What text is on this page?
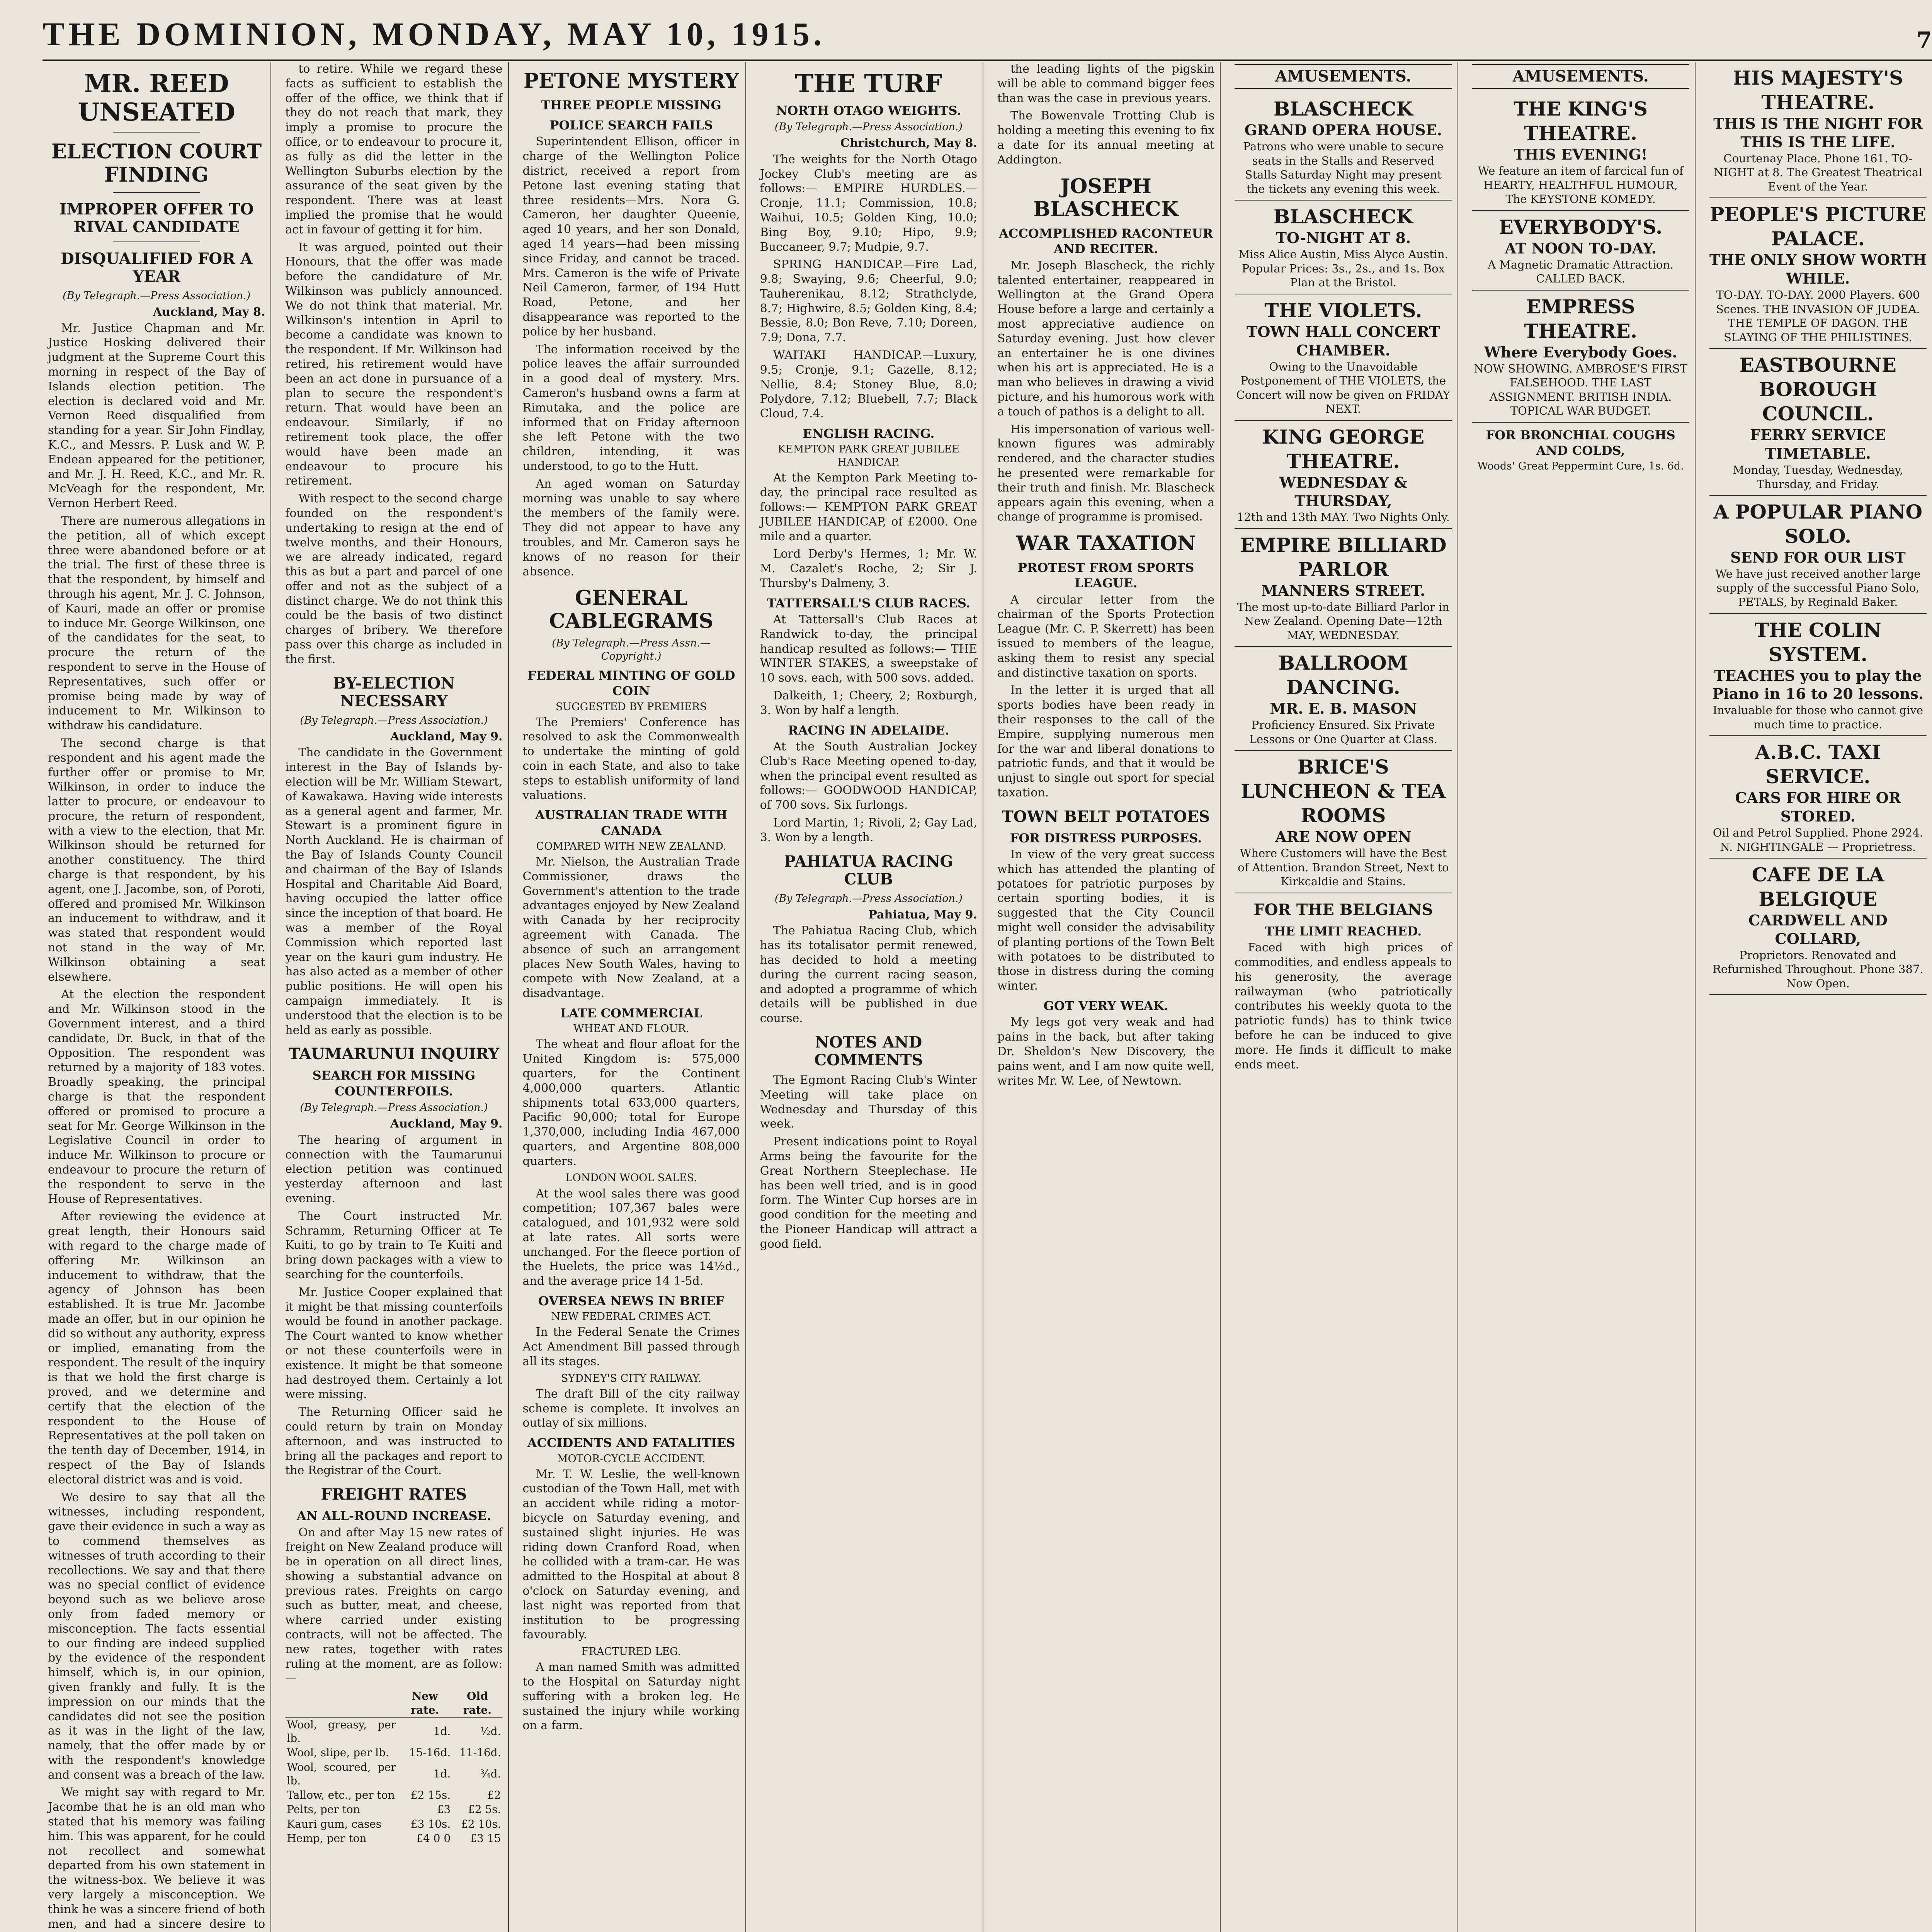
THE DOMINION, MONDAY, MAY 10, 1915.	7
MR. REED UNSEATED
ELECTION COURT FINDING
IMPROPER OFFER TO RIVAL CANDIDATE
DISQUALIFIED FOR A YEAR
(By Telegraph.—Press Association.)
Auckland, May 8.

Mr. Justice Chapman and Mr. Justice Hosking delivered their judgment at the Supreme Court this morning in respect of the Bay of Islands election petition. The election is declared void and Mr. Vernon Reed disqualified from standing for a year. Sir John Findlay, K.C., and Messrs. P. Lusk and W. P. Endean appeared for the petitioner, and Mr. J. H. Reed, K.C., and Mr. R. McVeagh for the respondent, Mr. Vernon Herbert Reed.

There are numerous allegations in the petition, all of which except three were abandoned before or at the trial. The first of these three is that the respondent, by himself and through his agent, Mr. J. C. Johnson, of Kauri, made an offer or promise to induce Mr. George Wilkinson, one of the candidates for the seat, to procure the return of the respondent to serve in the House of Representatives, such offer or promise being made by way of inducement to Mr. Wilkinson to withdraw his candidature.

The second charge is that respondent and his agent made the further offer or promise to Mr. Wilkinson, in order to induce the latter to procure, or endeavour to procure, the return of respondent, with a view to the election, that Mr. Wilkinson should be returned for another constituency. The third charge is that respondent, by his agent, one J. Jacombe, son, of Poroti, offered and promised Mr. Wilkinson an inducement to withdraw, and it was stated that respondent would not stand in the way of Mr. Wilkinson obtaining a seat elsewhere.

At the election the respondent and Mr. Wilkinson stood in the Government interest, and a third candidate, Dr. Buck, in that of the Opposition. The respondent was returned by a majority of 183 votes. Broadly speaking, the principal charge is that the respondent offered or promised to procure a seat for Mr. George Wilkinson in the Legislative Council in order to induce Mr. Wilkinson to procure or endeavour to procure the return of the respondent to serve in the House of Representatives.

After reviewing the evidence at great length, their Honours said with regard to the charge made of offering Mr. Wilkinson an inducement to withdraw, that the agency of Johnson has been established. It is true Mr. Jacombe made an offer, but in our opinion he did so without any authority, express or implied, emanating from the respondent. The result of the inquiry is that we hold the first charge is proved, and we determine and certify that the election of the respondent to the House of Representatives at the poll taken on the tenth day of December, 1914, in respect of the Bay of Islands electoral district was and is void.

We desire to say that all the witnesses, including respondent, gave their evidence in such a way as to commend themselves as witnesses of truth according to their recollections. We say and that there was no special conflict of evidence beyond such as we believe arose only from faded memory or misconception. The facts essential to our finding are indeed supplied by the evidence of the respondent himself, which is, in our opinion, given frankly and fully. It is the impression on our minds that the candidates did not see the position as it was in the light of the law, namely, that the offer made by or with the respondent's knowledge and consent was a breach of the law.

We might say with regard to Mr. Jacombe that he is an old man who stated that his memory was failing him. This was apparent, for he could not recollect and somewhat departed from his own statement in the witness-box. We believe it was very largely a misconception. We think he was a sincere friend of both men, and had a sincere desire to

to retire. While we regard these facts as sufficient to establish the offer of the office, we think that if they do not reach that mark, they imply a promise to procure the office, or to endeavour to procure it, as fully as did the letter in the Wellington Suburbs election by the assurance of the seat given by the respondent. There was at least implied the promise that he would act in favour of getting it for him.

It was argued, pointed out their Honours, that the offer was made before the candidature of Mr. Wilkinson was publicly announced. We do not think that material. Mr. Wilkinson's intention in April to become a candidate was known to the respondent. If Mr. Wilkinson had retired, his retirement would have been an act done in pursuance of a plan to secure the respondent's return. That would have been an endeavour. Similarly, if no retirement took place, the offer would have been made an endeavour to procure his retirement.

With respect to the second charge founded on the respondent's undertaking to resign at the end of twelve months, and their Honours, we are already indicated, regard this as but a part and parcel of one offer and not as the subject of a distinct charge. We do not think this could be the basis of two distinct charges of bribery. We therefore pass over this charge as included in the first.

BY-ELECTION NECESSARY
(By Telegraph.—Press Association.)
Auckland, May 9.

The candidate in the Government interest in the Bay of Islands by-election will be Mr. William Stewart, of Kawakawa. Having wide interests as a general agent and farmer, Mr. Stewart is a prominent figure in North Auckland. He is chairman of the Bay of Islands County Council and chairman of the Bay of Islands Hospital and Charitable Aid Board, having occupied the latter office since the inception of that board. He was a member of the Royal Commission which reported last year on the kauri gum industry. He has also acted as a member of other public positions. He will open his campaign immediately. It is understood that the election is to be held as early as possible.

TAUMARUNUI INQUIRY
SEARCH FOR MISSING COUNTERFOILS.
(By Telegraph.—Press Association.)
Auckland, May 9.

The hearing of argument in connection with the Taumarunui election petition was continued yesterday afternoon and last evening.

The Court instructed Mr. Schramm, Returning Officer at Te Kuiti, to go by train to Te Kuiti and bring down packages with a view to searching for the counterfoils.

Mr. Justice Cooper explained that it might be that missing counterfoils would be found in another package. The Court wanted to know whether or not these counterfoils were in existence. It might be that someone had destroyed them. Certainly a lot were missing.

The Returning Officer said he could return by train on Monday afternoon, and was instructed to bring all the packages and report to the Registrar of the Court.

FREIGHT RATES
AN ALL-ROUND INCREASE.

On and after May 15 new rates of freight on New Zealand produce will be in operation on all direct lines, showing a substantial advance on previous rates. Freights on cargo such as butter, meat, and cheese, where carried under existing contracts, will not be affected. The new rates, together with rates ruling at the moment, are as follow:—

	New rate.	Old rate.
Wool, greasy, per lb.	1d.	½d.
Wool, slipe, per lb.	15-16d.	11-16d.
Wool, scoured, per lb.	1d.	¾d.
Tallow, etc., per ton	£2 15s.	£2
Pelts, per ton	£3	£2 5s.
Kauri gum, cases	£3 10s.	£2 10s.
Hemp, per ton	£4 0 0	£3 15
PETONE MYSTERY
THREE PEOPLE MISSING
POLICE SEARCH FAILS

Superintendent Ellison, officer in charge of the Wellington Police district, received a report from Petone last evening stating that three residents—Mrs. Nora G. Cameron, her daughter Queenie, aged 10 years, and her son Donald, aged 14 years—had been missing since Friday, and cannot be traced. Mrs. Cameron is the wife of Private Neil Cameron, farmer, of 194 Hutt Road, Petone, and her disappearance was reported to the police by her husband.

The information received by the police leaves the affair surrounded in a good deal of mystery. Mrs. Cameron's husband owns a farm at Rimutaka, and the police are informed that on Friday afternoon she left Petone with the two children, intending, it was understood, to go to the Hutt.

An aged woman on Saturday morning was unable to say where the members of the family were. They did not appear to have any troubles, and Mr. Cameron says he knows of no reason for their absence.

GENERAL CABLEGRAMS
(By Telegraph.—Press Assn.—Copyright.)
FEDERAL MINTING OF GOLD COIN
SUGGESTED BY PREMIERS

The Premiers' Conference has resolved to ask the Commonwealth to undertake the minting of gold coin in each State, and also to take steps to establish uniformity of land valuations.

AUSTRALIAN TRADE WITH CANADA
COMPARED WITH NEW ZEALAND.

Mr. Nielson, the Australian Trade Commissioner, draws the Government's attention to the trade advantages enjoyed by New Zealand with Canada by her reciprocity agreement with Canada. The absence of such an arrangement places New South Wales, having to compete with New Zealand, at a disadvantage.

LATE COMMERCIAL
WHEAT AND FLOUR.

The wheat and flour afloat for the United Kingdom is: 575,000 quarters, for the Continent 4,000,000 quarters. Atlantic shipments total 633,000 quarters, Pacific 90,000; total for Europe 1,370,000, including India 467,000 quarters, and Argentine 808,000 quarters.

LONDON WOOL SALES.

At the wool sales there was good competition; 107,367 bales were catalogued, and 101,932 were sold at late rates. All sorts were unchanged. For the fleece portion of the Huelets, the price was 14½d., and the average price 14 1-5d.

OVERSEA NEWS IN BRIEF
NEW FEDERAL CRIMES ACT.

In the Federal Senate the Crimes Act Amendment Bill passed through all its stages.

SYDNEY'S CITY RAILWAY.

The draft Bill of the city railway scheme is complete. It involves an outlay of six millions.

ACCIDENTS AND FATALITIES
MOTOR-CYCLE ACCIDENT.

Mr. T. W. Leslie, the well-known custodian of the Town Hall, met with an accident while riding a motor-bicycle on Saturday evening, and sustained slight injuries. He was riding down Cranford Road, when he collided with a tram-car. He was admitted to the Hospital at about 8 o'clock on Saturday evening, and last night was reported from that institution to be progressing favourably.

FRACTURED LEG.

A man named Smith was admitted to the Hospital on Saturday night suffering with a broken leg. He sustained the injury while working on a farm.

THE TURF
NORTH OTAGO WEIGHTS.
(By Telegraph.—Press Association.)
Christchurch, May 8.

The weights for the North Otago Jockey Club's meeting are as follows:— EMPIRE HURDLES.—Cronje, 11.1; Commission, 10.8; Waihui, 10.5; Golden King, 10.0; Bing Boy, 9.10; Hipo, 9.9; Buccaneer, 9.7; Mudpie, 9.7.

SPRING HANDICAP.—Fire Lad, 9.8; Swaying, 9.6; Cheerful, 9.0; Tauherenikau, 8.12; Strathclyde, 8.7; Highwire, 8.5; Golden King, 8.4; Bessie, 8.0; Bon Reve, 7.10; Doreen, 7.9; Dona, 7.7.

WAITAKI HANDICAP.—Luxury, 9.5; Cronje, 9.1; Gazelle, 8.12; Nellie, 8.4; Stoney Blue, 8.0; Polydore, 7.12; Bluebell, 7.7; Black Cloud, 7.4.

ENGLISH RACING.
KEMPTON PARK GREAT JUBILEE HANDICAP.

At the Kempton Park Meeting to-day, the principal race resulted as follows:— KEMPTON PARK GREAT JUBILEE HANDICAP, of £2000. One mile and a quarter.

Lord Derby's Hermes, 1; Mr. W. M. Cazalet's Roche, 2; Sir J. Thursby's Dalmeny, 3.

TATTERSALL'S CLUB RACES.

At Tattersall's Club Races at Randwick to-day, the principal handicap resulted as follows:— THE WINTER STAKES, a sweepstake of 10 sovs. each, with 500 sovs. added.

Dalkeith, 1; Cheery, 2; Roxburgh, 3. Won by half a length.

RACING IN ADELAIDE.

At the South Australian Jockey Club's Race Meeting opened to-day, when the principal event resulted as follows:— GOODWOOD HANDICAP, of 700 sovs. Six furlongs.

Lord Martin, 1; Rivoli, 2; Gay Lad, 3. Won by a length.

PAHIATUA RACING CLUB
(By Telegraph.—Press Association.)
Pahiatua, May 9.

The Pahiatua Racing Club, which has its totalisator permit renewed, has decided to hold a meeting during the current racing season, and adopted a programme of which details will be published in due course.

NOTES AND COMMENTS

The Egmont Racing Club's Winter Meeting will take place on Wednesday and Thursday of this week.

Present indications point to Royal Arms being the favourite for the Great Northern Steeplechase. He has been well tried, and is in good form. The Winter Cup horses are in good condition for the meeting and the Pioneer Handicap will attract a good field.

the leading lights of the pigskin will be able to command bigger fees than was the case in previous years.

The Bowenvale Trotting Club is holding a meeting this evening to fix a date for its annual meeting at Addington.

JOSEPH BLASCHECK
ACCOMPLISHED RACONTEUR AND RECITER.

Mr. Joseph Blascheck, the richly talented entertainer, reappeared in Wellington at the Grand Opera House before a large and certainly a most appreciative audience on Saturday evening. Just how clever an entertainer he is one divines when his art is appreciated. He is a man who believes in drawing a vivid picture, and his humorous work with a touch of pathos is a delight to all.

His impersonation of various well-known figures was admirably rendered, and the character studies he presented were remarkable for their truth and finish. Mr. Blascheck appears again this evening, when a change of programme is promised.

WAR TAXATION
PROTEST FROM SPORTS LEAGUE.

A circular letter from the chairman of the Sports Protection League (Mr. C. P. Skerrett) has been issued to members of the league, asking them to resist any special and distinctive taxation on sports.

In the letter it is urged that all sports bodies have been ready in their responses to the call of the Empire, supplying numerous men for the war and liberal donations to patriotic funds, and that it would be unjust to single out sport for special taxation.

TOWN BELT POTATOES
FOR DISTRESS PURPOSES.

In view of the very great success which has attended the planting of potatoes for patriotic purposes by certain sporting bodies, it is suggested that the City Council might well consider the advisability of planting portions of the Town Belt with potatoes to be distributed to those in distress during the coming winter.

GOT VERY WEAK.

My legs got very weak and had pains in the back, but after taking Dr. Sheldon's New Discovery, the pains went, and I am now quite well, writes Mr. W. Lee, of Newtown.

AMUSEMENTS.
BLASCHECK
GRAND OPERA HOUSE.
Patrons who were unable to secure seats in the Stalls and Reserved Stalls Saturday Night may present the tickets any evening this week.
BLASCHECK
TO-NIGHT AT 8.
Miss Alice Austin, Miss Alyce Austin. Popular Prices: 3s., 2s., and 1s. Box Plan at the Bristol.
THE VIOLETS.
TOWN HALL CONCERT CHAMBER.
Owing to the Unavoidable Postponement of THE VIOLETS, the Concert will now be given on FRIDAY NEXT.
KING GEORGE THEATRE.
WEDNESDAY & THURSDAY,
12th and 13th MAY. Two Nights Only.
EMPIRE BILLIARD PARLOR
MANNERS STREET.
The most up-to-date Billiard Parlor in New Zealand. Opening Date—12th MAY, WEDNESDAY.
BALLROOM DANCING.
MR. E. B. MASON
Proficiency Ensured. Six Private Lessons or One Quarter at Class.
BRICE'S LUNCHEON & TEA ROOMS
ARE NOW OPEN
Where Customers will have the Best of Attention. Brandon Street, Next to Kirkcaldie and Stains.
FOR THE BELGIANS
THE LIMIT REACHED.

Faced with high prices of commodities, and endless appeals to his generosity, the average railwayman (who patriotically contributes his weekly quota to the patriotic funds) has to think twice before he can be induced to give more. He finds it difficult to make ends meet.

AMUSEMENTS.
THE KING'S THEATRE.
THIS EVENING!
We feature an item of farcical fun of HEARTY, HEALTHFUL HUMOUR, The KEYSTONE KOMEDY.
EVERYBODY'S.
AT NOON TO-DAY.
A Magnetic Dramatic Attraction. CALLED BACK.
EMPRESS THEATRE.
Where Everybody Goes.
NOW SHOWING. AMBROSE'S FIRST FALSEHOOD. THE LAST ASSIGNMENT. BRITISH INDIA. TOPICAL WAR BUDGET.
FOR BRONCHIAL COUGHS AND COLDS,
Woods' Great Peppermint Cure, 1s. 6d.
HIS MAJESTY'S THEATRE.
THIS IS THE NIGHT FOR THIS IS THE LIFE.
Courtenay Place. Phone 161. TO-NIGHT at 8. The Greatest Theatrical Event of the Year.
PEOPLE'S PICTURE PALACE.
THE ONLY SHOW WORTH WHILE.
TO-DAY. TO-DAY. 2000 Players. 600 Scenes. THE INVASION OF JUDEA. THE TEMPLE OF DAGON. THE SLAYING OF THE PHILISTINES.
EASTBOURNE BOROUGH COUNCIL.
FERRY SERVICE TIMETABLE.
Monday, Tuesday, Wednesday, Thursday, and Friday.
A POPULAR PIANO SOLO.
SEND FOR OUR LIST
We have just received another large supply of the successful Piano Solo, PETALS, by Reginald Baker.
THE COLIN SYSTEM.
TEACHES you to play the Piano in 16 to 20 lessons.
Invaluable for those who cannot give much time to practice.
A.B.C. TAXI SERVICE.
CARS FOR HIRE OR STORED.
Oil and Petrol Supplied. Phone 2924. N. NIGHTINGALE — Proprietress.
CAFE DE LA BELGIQUE
CARDWELL AND COLLARD,
Proprietors. Renovated and Refurnished Throughout. Phone 387. Now Open.
